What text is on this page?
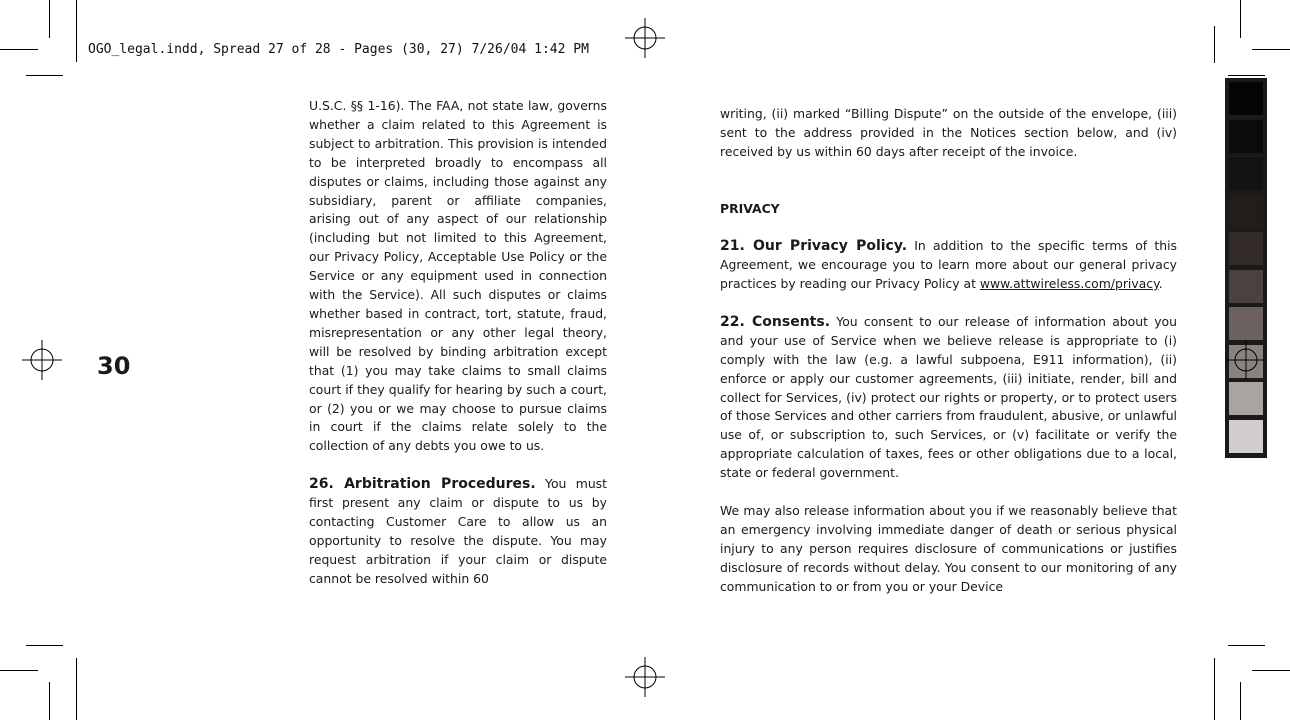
OGO_legal.indd, Spread 27 of 28 - Pages (30, 27) 7/26/04 1:42 PM
30

U.S.C. §§ 1-16). The FAA, not state law, governs whether a claim related to this Agreement is subject to arbitration. This provision is intended to be interpreted broadly to encompass all disputes or claims, including those against any subsidiary, parent or affiliate companies, arising out of any aspect of our relationship (including but not limited to this Agreement, our Privacy Policy, Acceptable Use Policy or the Service or any equipment used in connection with the Service). All such disputes or claims whether based in contract, tort, statute, fraud, misrepresentation or any other legal theory, will be resolved by binding arbitration except that (1) you may take claims to small claims court if they qualify for hearing by such a court, or (2) you or we may choose to pursue claims in court if the claims relate solely to the collection of any debts you owe to us.

26. Arbitration Procedures. You must first present any claim or dispute to us by contacting Customer Care to allow us an opportunity to resolve the dispute. You may request arbitration if your claim or dispute cannot be resolved within 60

writing, (ii) marked “Billing Dispute” on the outside of the envelope, (iii) sent to the address provided in the Notices section below, and (iv) received by us within 60 days after receipt of the invoice.

PRIVACY

21. Our Privacy Policy. In addition to the specific terms of this Agreement, we encourage you to learn more about our general privacy practices by reading our Privacy Policy at www.attwireless.com/privacy.

22. Consents. You consent to our release of information about you and your use of Service when we believe release is appropriate to (i) comply with the law (e.g. a lawful subpoena, E911 information), (ii) enforce or apply our customer agreements, (iii) initiate, render, bill and collect for Services, (iv) protect our rights or property, or to protect users of those Services and other carriers from fraudulent, abusive, or unlawful use of, or subscription to, such Services, or (v) facilitate or verify the appropriate calculation of taxes, fees or other obligations due to a local, state or federal government.

We may also release information about you if we reasonably believe that an emergency involving immediate danger of death or serious physical injury to any person requires disclosure of communications or justifies disclosure of records without delay. You consent to our monitoring of any communication to or from you or your Device
